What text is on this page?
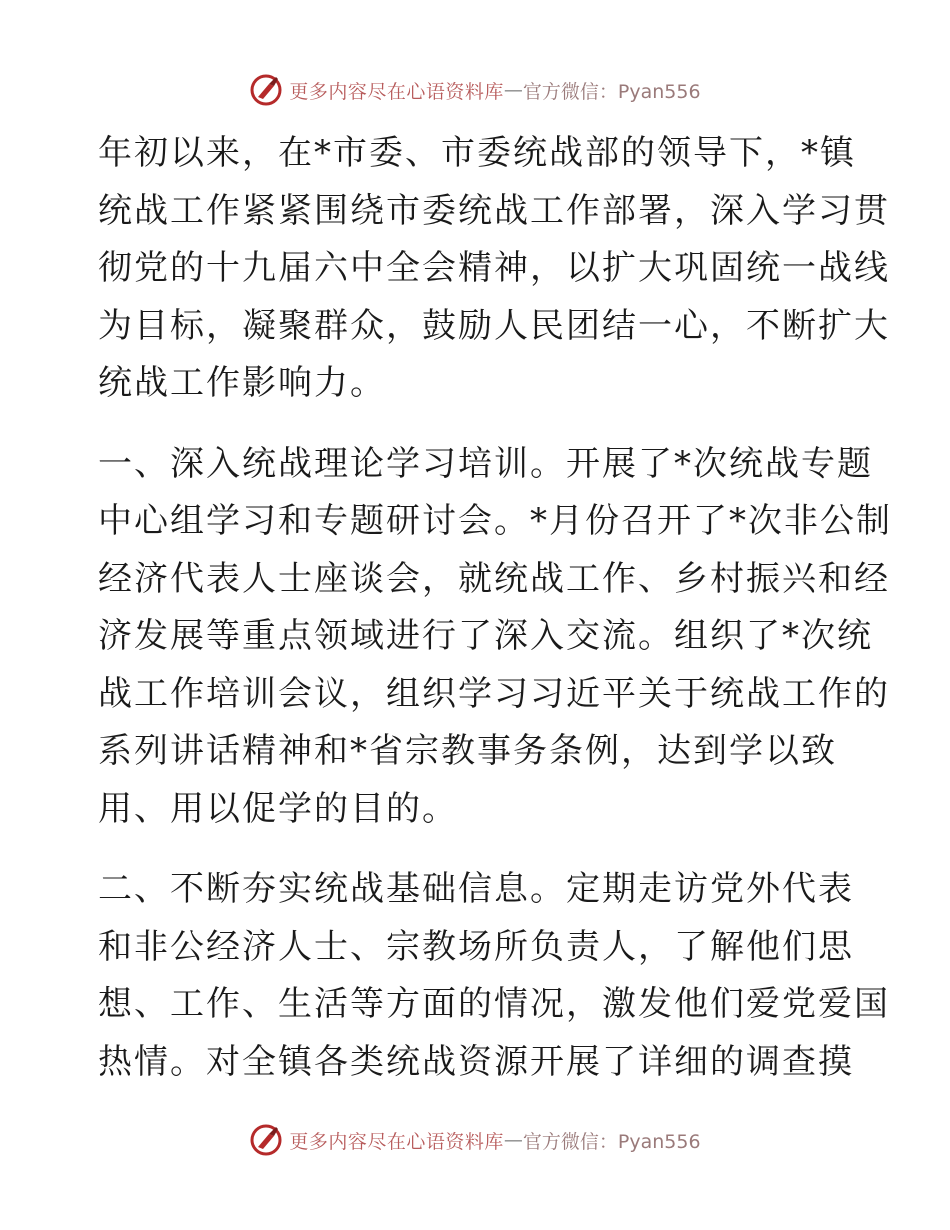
更多内容尽在心语资料库 — 官方微信：Pyan556

年初以来，在*市委、市委统战部的领导下，*镇
统战工作紧紧围绕市委统战工作部署，深入学习贯
彻党的十九届六中全会精神，以扩大巩固统一战线
为目标，凝聚群众，鼓励人民团结一心，不断扩大
统战工作影响力。

一、深入统战理论学习培训。开展了*次统战专题
中心组学习和专题研讨会。*月份召开了*次非公制
经济代表人士座谈会，就统战工作、乡村振兴和经
济发展等重点领域进行了深入交流。组织了*次统
战工作培训会议，组织学习习近平关于统战工作的
系列讲话精神和*省宗教事务条例，达到学以致
用、用以促学的目的。

二、不断夯实统战基础信息。定期走访党外代表
和非公经济人士、宗教场所负责人，了解他们思
想、工作、生活等方面的情况，激发他们爱党爱国
热情。对全镇各类统战资源开展了详细的调查摸

更多内容尽在心语资料库 — 官方微信：Pyan556
